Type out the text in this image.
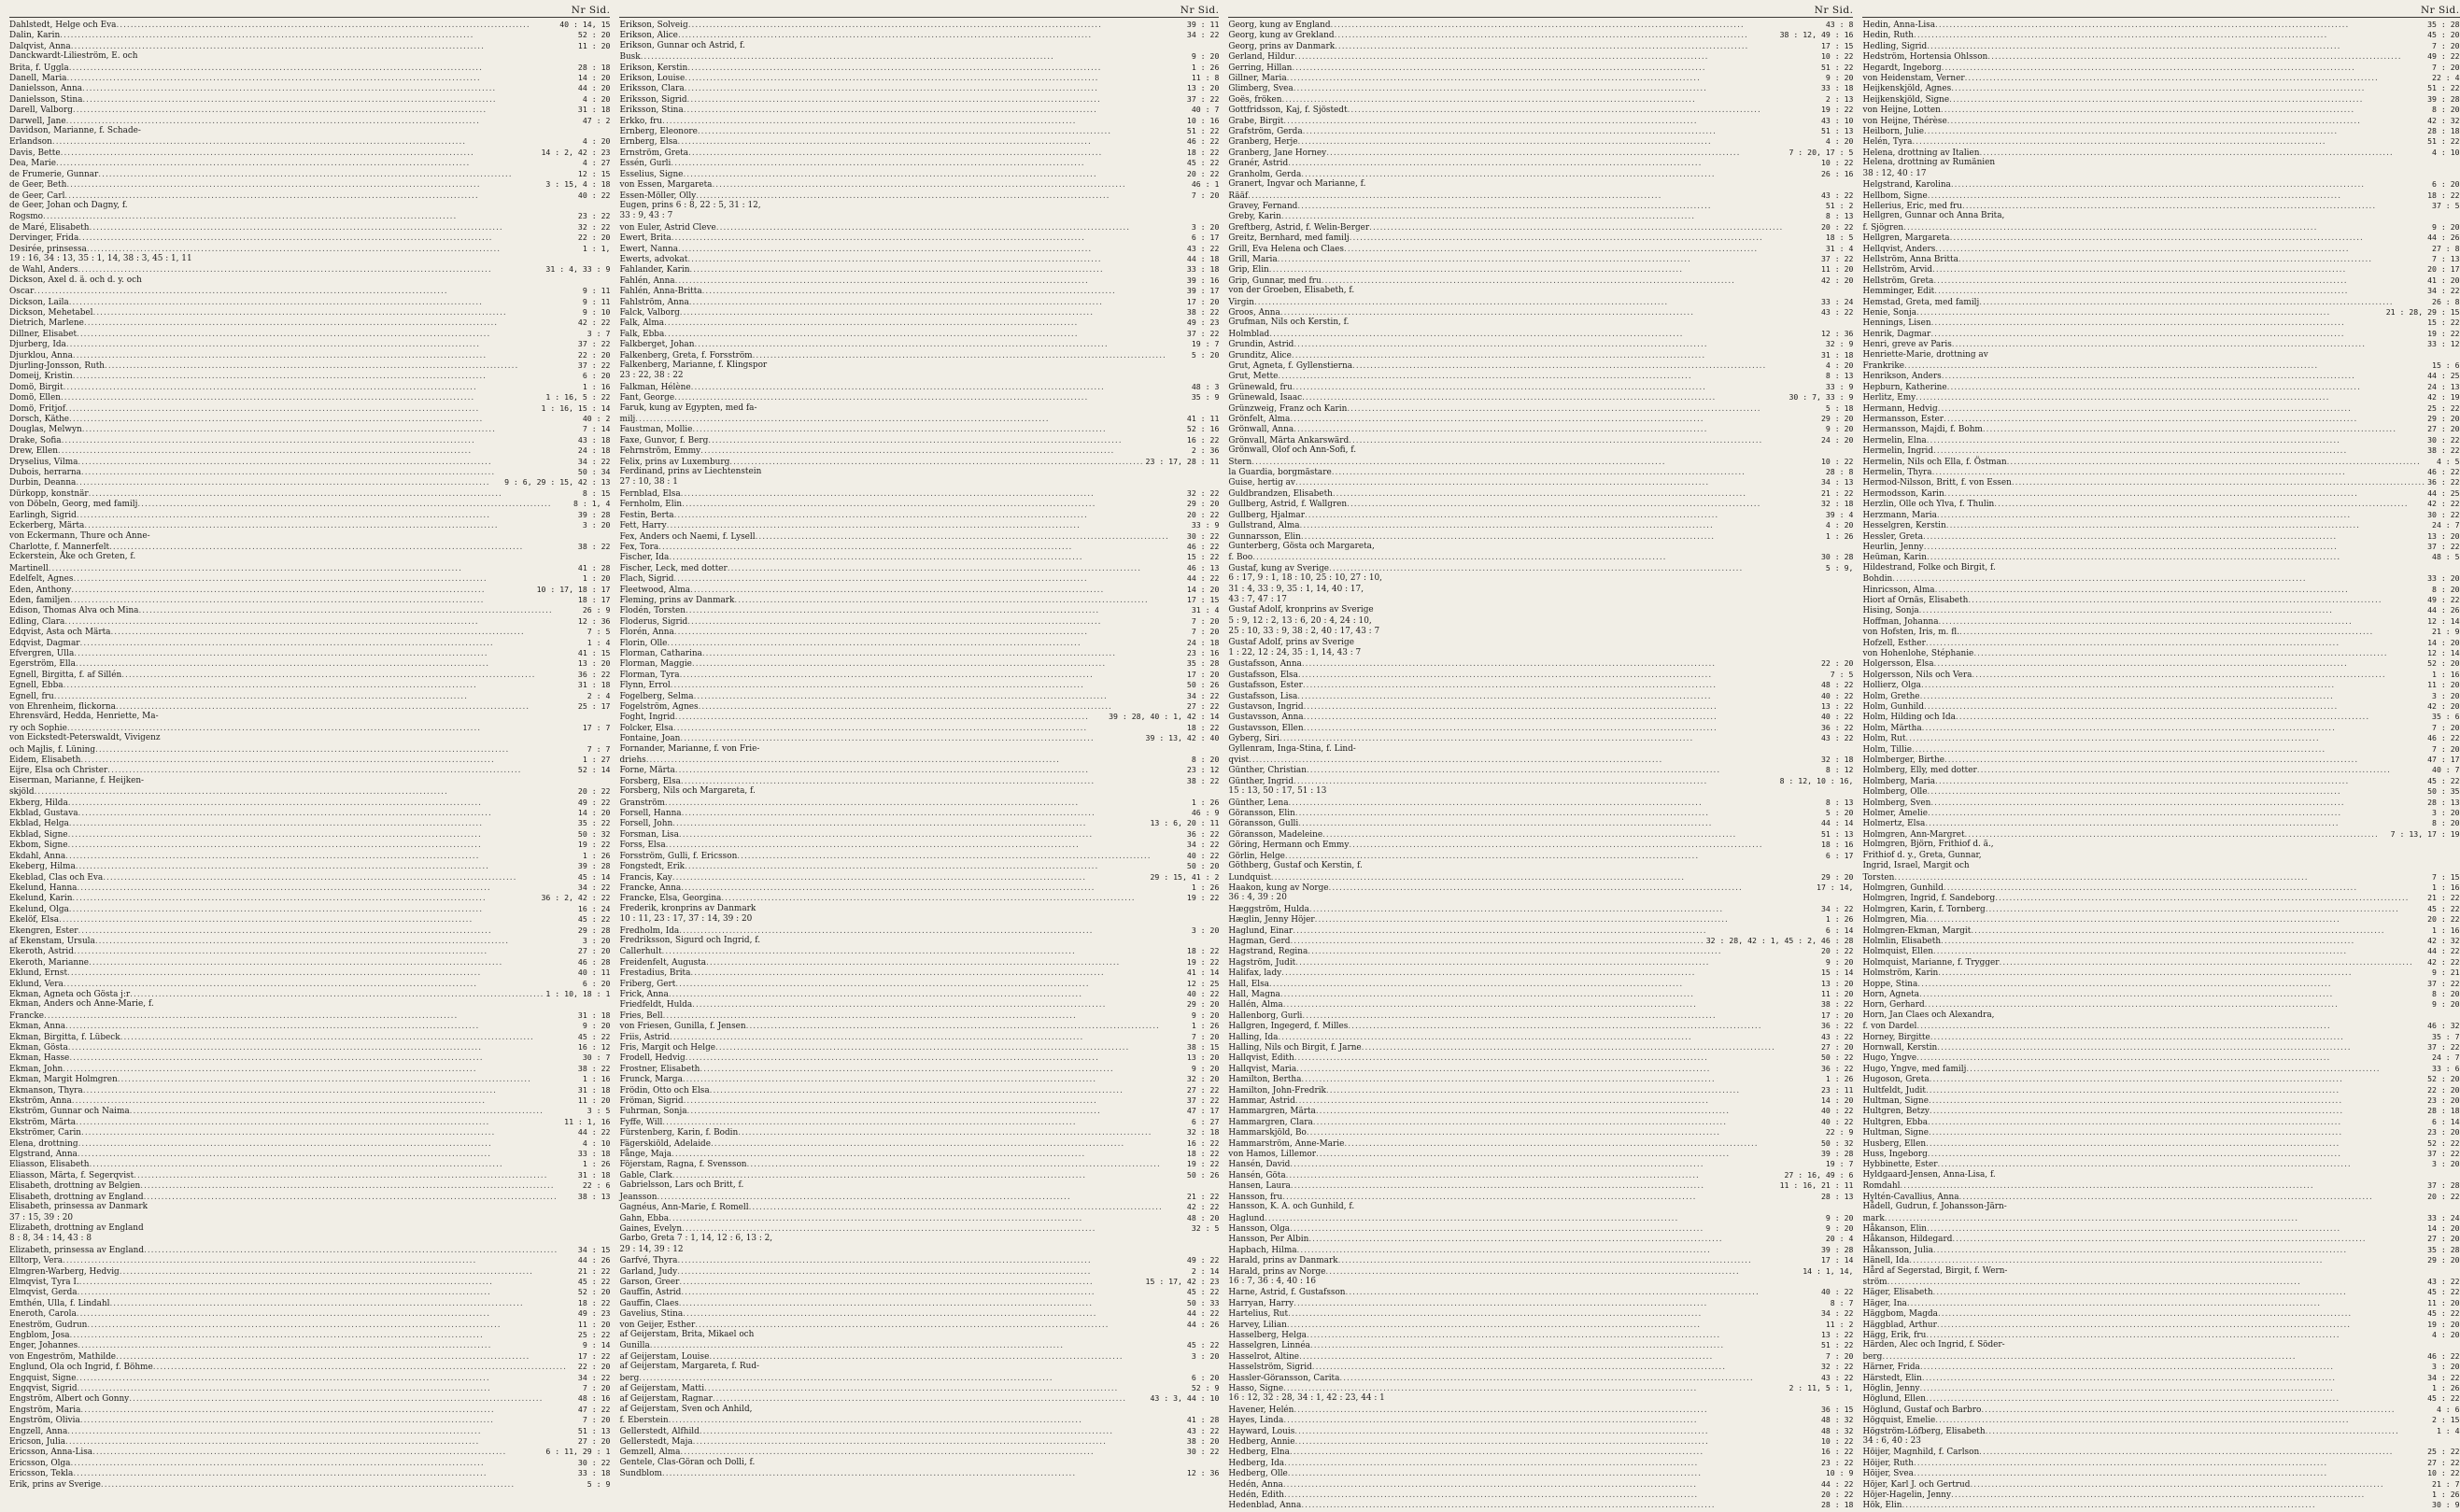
Nr Sid.
Dahlstedt, Helge och Eva .....	40 : 14, 15
Dalin, Karin .....	52 : 20
Dalqvist, Anna .....	11 : 20
Danckwardt-Lilieström, E. och
Brita, f. Uggla .....	28 : 18
Danell, Maria .....	14 : 20
Danielsson, Anna .....	44 : 20
Danielsson, Stina .....	4 : 20
Darell, Valborg .....	31 : 18
Darwell, Jane .....	47 : 2
Davidson, Marianne, f. Schade-
Erlandson .....	4 : 20
Davis, Bette .....	14 : 2, 42 : 23
Dea, Marie .....	4 : 27
de Frumerie, Gunnar .....	12 : 15
de Geer, Beth .....	3 : 15, 4 : 18
de Geer, Carl .....	40 : 22
de Geer, Johan och Dagny, f.
Rogsmo .....	23 : 22
de Maré, Elisabeth .....	32 : 22
Dervinger, Frida .....	22 : 20
Desirée, prinsessa .....	1 : 1,
19 : 16, 34 : 13, 35 : 1, 14, 38 : 3, 45 : 1, 11
de Wahl, Anders .....	31 : 4, 33 : 9
Dickson, Axel d. ä. och d. y. och
Oscar .....	9 : 11
Dickson, Laila .....	9 : 11
Dickson, Mehetabel .....	9 : 10
Dietrich, Marlene .....	42 : 22
Dillner, Elisabet .....	3 : 7
Djurberg, Ida .....	37 : 22
Djurklou, Anna .....	22 : 20
Djurling-Jonsson, Ruth .....	37 : 22
Domeij, Kristin .....	6 : 20
Domö, Birgit .....	1 : 16
Domö, Ellen .....	1 : 16, 5 : 22
Domö, Fritjof .....	1 : 16, 15 : 14
Dorsch, Käthe .....	40 : 2
Douglas, Melwyn .....	7 : 14
Drake, Sofia .....	43 : 18
Drew, Ellen .....	24 : 18
Dryselius, Vilma .....	34 : 22
Dubois, herrarna .....	50 : 34
Durbin, Deanna .....	9 : 6, 29 : 15, 42 : 13
Dürkopp, konstnär .....	8 : 15
von Döbeln, Georg, med familj .....	8 : 1, 4
Earlingh, Sigrid .....	39 : 28
Eckerberg, Märta .....	3 : 20
von Eckermann, Thure och Anne-
Charlotte, f. Mannerfelt .....	38 : 22
Eckerstein, Åke och Greten, f.
Martinell .....	41 : 28
Edelfelt, Agnes .....	1 : 20
Eden, Anthony .....	10 : 17, 18 : 17
Eden, familjen .....	18 : 17
Edison, Thomas Alva och Mina .....	26 : 9
Edling, Clara .....	12 : 36
Edqvist, Asta och Märta .....	7 : 5
Edqvist, Dagmar .....	1 : 4
Efvergren, Ulla .....	41 : 15
Egerström, Ella .....	13 : 20
Egnell, Birgitta, f. af Sillén .....	36 : 22
Egnell, Ebba .....	31 : 18
Egnell, fru .....	2 : 4
von Ehrenheim, flickorna .....	25 : 17
Ehrensvärd, Hedda, Henriette, Ma-
ry och Sophie .....	17 : 7
von Eickstedt-Peterswaldt, Vivigenz
och Majlis, f. Lüning .....	7 : 7
Eidem, Elisabeth .....	1 : 27
Eijre, Elsa och Christer .....	52 : 14
Eiserman, Marianne, f. Heijken-
skjöld .....	20 : 22
Ekberg, Hilda .....	49 : 22
Ekblad, Gustava .....	14 : 20
Ekblad, Helga .....	35 : 22
Ekblad, Signe .....	50 : 32
Ekbom, Signe .....	19 : 22
Ekdahl, Anna .....	1 : 26
Ekeberg, Hilma .....	39 : 28
Ekeblad, Clas och Eva .....	45 : 14
Ekelund, Hanna .....	34 : 22
Ekelund, Karin .....	36 : 2, 42 : 22
Ekelund, Olga .....	16 : 24
Ekelöf, Elsa .....	45 : 22
Ekengren, Ester .....	29 : 28
af Ekenstam, Ursula .....	3 : 20
Ekeroth, Astrid .....	27 : 20
Ekeroth, Marianne .....	46 : 28
Eklund, Ernst .....	40 : 11
Eklund, Vera .....	6 : 20
Ekman, Agneta och Gösta j:r .....	1 : 10, 18 : 1
Ekman, Anders och Anne-Marie, f.
Francke .....	31 : 18
Ekman, Anna .....	9 : 20
Ekman, Birgitta, f. Lübeck .....	45 : 22
Ekman, Gösta .....	16 : 12
Ekman, Hasse .....	30 : 7
Ekman, John .....	38 : 22
Ekman, Margit Holmgren .....	1 : 16
Ekmanson, Thyra .....	31 : 18
Ekström, Anna .....	11 : 20
Ekström, Gunnar och Naima .....	3 : 5
Ekström, Märta .....	11 : 1, 16
Ekströmer, Carin .....	44 : 22
Elena, drottning .....	4 : 10
Elgstrand, Anna .....	33 : 18
Eliasson, Elisabeth .....	1 : 26
Eliasson, Märta, f. Segerqvist .....	31 : 18
Elisabeth, drottning av Belgien .....	22 : 6
Elisabeth, drottning av England .....	38 : 13
Elisabeth, prinsessa av Danmark
37 : 15, 39 : 20
Elizabeth, drottning av England
8 : 8, 34 : 14, 43 : 8
Elizabeth, prinsessa av England .....	34 : 15
Elltorp, Vera .....	44 : 26
Elmgren-Warberg, Hedvig .....	21 : 22
Elmqvist, Tyra I. .....	45 : 22
Elmqvist, Gerda .....	52 : 20
Emthén, Ulla, f. Lindahl .....	18 : 22
Eneroth, Carola .....	49 : 23
Eneström, Gudrun .....	11 : 20
Engblom, Josa .....	25 : 22
Enger, Johannes .....	9 : 14
von Engeström, Mathilde .....	17 : 22
Englund, Ola och Ingrid, f. Böhme .....	22 : 20
Engquist, Signe .....	34 : 22
Engqvist, Sigrid .....	7 : 20
Engström, Albert och Gonny .....	48 : 16
Engström, Maria .....	47 : 22
Engström, Olivia .....	7 : 20
Engzell, Anna .....	51 : 13
Ericson, Julia .....	27 : 20
Ericsson, Anna-Lisa .....	6 : 11, 29 : 1
Ericsson, Olga .....	30 : 22
Ericsson, Tekla .....	33 : 18
Erik, prins av Sverige .....	5 : 9
Nr Sid.
Erikson, Solveig .....	39 : 11
Erikson, Alice .....	34 : 22
Erikson, Gunnar och Astrid, f.
Busk .....	9 : 20
Erikson, Kerstin .....	1 : 26
Erikson, Louise .....	11 : 8
Eriksson, Clara .....	13 : 20
Eriksson, Sigrid .....	37 : 22
Eriksson, Stina .....	40 : 7
Erkko, fru .....	10 : 16
Ernberg, Eleonore .....	51 : 22
Ernberg, Elsa .....	46 : 22
Ernström, Greta .....	18 : 22
Essén, Gurli .....	45 : 22
Esselius, Signe .....	20 : 22
von Essen, Margareta .....	46 : 1
Essen-Möller, Olly .....	7 : 20
Eugen, prins 6 : 8, 22 : 5, 31 : 12,
33 : 9, 43 : 7
von Euler, Astrid Cleve .....	3 : 20
Ewert, Brita .....	6 : 17
Ewert, Nanna .....	43 : 22
Ewerts, advokat .....	44 : 18
Fahlander, Karin .....	33 : 18
Fahlén, Anna .....	39 : 16
Fahlén, Anna-Britta .....	39 : 17
Fahlström, Anna .....	17 : 20
Falck, Valborg .....	38 : 22
Falk, Alma .....	49 : 23
Falk, Ebba .....	37 : 22
Falkberget, Johan .....	19 : 7
Falkenberg, Greta, f. Forsström .....	5 : 20
Falkenberg, Marianne, f. Klingspor
23 : 22, 38 : 22
Falkman, Hélène .....	48 : 3
Fant, George .....	35 : 9
Faruk, kung av Egypten, med fa-
milj .....	41 : 11
Faustman, Mollie .....	52 : 16
Faxe, Gunvor, f. Berg .....	16 : 22
Fehrnström, Emmy .....	2 : 36
Felix, prins av Luxemburg .....	23 : 17, 28 : 11
Ferdinand, prins av Liechtenstein
27 : 10, 38 : 1
Fernblad, Elsa .....	32 : 22
Fernholm, Elin .....	29 : 20
Festin, Berta .....	20 : 22
Fett, Harry .....	33 : 9
Fex, Anders och Naemi, f. Lysell .....	30 : 22
Fex, Tora .....	46 : 22
Fischer, Ida .....	15 : 22
Fischer, Leck, med dotter .....	46 : 13
Flach, Sigrid .....	44 : 22
Fleetwood, Alma .....	14 : 20
Fleming, prins av Danmark .....	17 : 15
Flodén, Torsten .....	31 : 4
Floderus, Sigrid .....	7 : 20
Florén, Anna .....	7 : 20
Florin, Olle .....	24 : 18
Florman, Catharina .....	23 : 16
Florman, Maggie .....	35 : 28
Florman, Tyra .....	17 : 20
Flynn, Errol .....	50 : 26
Fogelberg, Selma .....	34 : 22
Fogelström, Agnes .....	27 : 22
Foght, Ingrid .....	39 : 28, 40 : 1, 42 : 14
Folcker, Elsa .....	18 : 22
Fontaine, Joan .....	39 : 13, 42 : 40
Fornander, Marianne, f. von Frie-
driehs .....	8 : 20
Forne, Märta .....	23 : 12
Forsberg, Elsa .....	38 : 22
Forsberg, Nils och Margareta, f.
Granström .....	1 : 26
Forsell, Hanna .....	46 : 9
Forsell, John .....	13 : 6, 20 : 11
Forsman, Lisa .....	36 : 22
Forss, Elsa .....	34 : 22
Forsström, Gulli, f. Ericsson .....	40 : 22
Fongstedt, Erik .....	50 : 20
Francis, Kay .....	29 : 15, 41 : 2
Francke, Anna .....	1 : 26
Francke, Elsa, Georgina .....	19 : 22
Frederik, kronprins av Danmark
10 : 11, 23 : 17, 37 : 14, 39 : 20
Fredholm, Ida .....	3 : 20
Fredriksson, Sigurd och Ingrid, f.
Callerhult .....	18 : 22
Freidenfelt, Augusta .....	19 : 22
Frestadius, Brita .....	41 : 14
Friberg, Gert .....	12 : 25
Frick, Anna .....	40 : 22
Friedfeldt, Hulda .....	29 : 20
Fries, Bell .....	9 : 20
von Friesen, Gunilla, f. Jensen .....	1 : 26
Friis, Astrid .....	7 : 20
Fris, Margit och Helge .....	38 : 15
Frodell, Hedvig .....	13 : 20
Frostner, Elisabeth .....	9 : 20
Frunck, Marga .....	32 : 20
Frödin, Otto och Elsa .....	27 : 22
Fröman, Sigrid .....	37 : 22
Fuhrman, Sonja .....	47 : 17
Fyffe, Will .....	6 : 27
Fürstenberg, Karin, f. Bodin .....	32 : 18
Fägerskiöld, Adelaide .....	16 : 22
Fånge, Maja .....	18 : 22
Föjerstam, Ragna, f. Svensson .....	19 : 22
Gable, Clark .....	50 : 26
Gabrielsson, Lars och Britt, f.
Jeansson .....	21 : 22
Gagnéus, Ann-Marie, f. Romell .....	42 : 22
Gahn, Ebba .....	48 : 20
Gaines, Evelyn .....	32 : 5
Garbo, Greta 7 : 1, 14, 12 : 6, 13 : 2,
29 : 14, 39 : 12
Garfvé, Thyra .....	49 : 22
Garland, Judy .....	2 : 14
Garson, Greer .....	15 : 17, 42 : 23
Gauffin, Astrid .....	45 : 22
Gauffin, Claes .....	50 : 33
Gavelius, Stina .....	44 : 22
von Geijer, Esther .....	44 : 26
af Geijerstam, Brita, Mikael och
Gunilla .....	45 : 22
af Geijerstam, Louise .....	3 : 20
af Geijerstam, Margareta, f. Rud-
berg .....	6 : 20
af Geijerstam, Matti .....	52 : 9
af Geijerstam, Ragnar .....	43 : 3, 44 : 10
af Geijerstam, Sven och Anhild,
f. Eberstein .....	41 : 28
Gellerstedt, Alfhild .....	43 : 22
Gellerstedt, Maja .....	38 : 20
Gemzell, Alma .....	30 : 22
Gentele, Clas-Göran och Dolli, f.
Sundblom .....	12 : 36
Nr Sid.
Georg, kung av England .....	43 : 8
Georg, kung av Grekland .....	38 : 12, 49 : 16
Georg, prins av Danmark .....	17 : 15
Gerland, Hildur .....	10 : 22
Gerring, Hillan .....	51 : 22
Gillner, Maria .....	9 : 20
Glimberg, Svea .....	33 : 18
Goës, fröken .....	2 : 13
Gottfridsson, Kaj, f. Sjöstedt .....	19 : 22
Grabe, Birgit .....	43 : 10
Grafström, Gerda .....	51 : 13
Granberg, Herje .....	4 : 20
Granberg, Jane Horney .....	7 : 20, 17 : 5
Granér, Astrid .....	10 : 22
Granholm, Gerda .....	26 : 16
Granert, Ingvar och Marianne, f.
Rääf .....	43 : 22
Gravey, Fernand .....	51 : 2
Greby, Karin .....	8 : 13
Greftberg, Astrid, f. Welin-Berger .....	20 : 22
Greitz, Bernhard, med familj .....	18 : 5
Grill, Eva Helena och Claes .....	31 : 4
Grill, Maria .....	37 : 22
Grip, Elin .....	11 : 20
Grip, Gunnar, med fru .....	42 : 20
von der Groeben, Elisabeth, f.
Virgin .....	33 : 24
Groos, Anna .....	43 : 22
Grufman, Nils och Kerstin, f.
Holmblad .....	12 : 36
Grundin, Astrid .....	32 : 9
Grunditz, Alice .....	31 : 18
Grut, Agneta, f. Gyllenstierna .....	4 : 20
Grut, Mette .....	8 : 13
Grünewald, fru .....	33 : 9
Grünewald, Isaac .....	30 : 7, 33 : 9
Grünzweig, Franz och Karin .....	5 : 18
Grönfelt, Alma .....	29 : 20
Grönwall, Anna .....	9 : 20
Grönvall, Märta Ankarswärd .....	24 : 20
Grönwall, Olof och Ann-Sofi, f.
Stern .....	10 : 22
la Guardia, borgmästare .....	28 : 8
Guise, hertig av .....	34 : 13
Guldbrandzen, Elisabeth .....	21 : 22
Gullberg, Astrid, f. Wallgren .....	32 : 18
Gullberg, Hjalmar .....	39 : 4
Gullstrand, Alma .....	4 : 20
Gunnarsson, Elin .....	1 : 26
Gunterberg, Gösta och Margareta,
f. Boo .....	30 : 28
Gustaf, kung av Sverige .....	5 : 9,
6 : 17, 9 : 1, 18 : 10, 25 : 10, 27 : 10,
31 : 4, 33 : 9, 35 : 1, 14, 40 : 17,
43 : 7, 47 : 17
Gustaf Adolf, kronprins av Sverige
5 : 9, 12 : 2, 13 : 6, 20 : 4, 24 : 10,
25 : 10, 33 : 9, 38 : 2, 40 : 17, 43 : 7
Gustaf Adolf, prins av Sverige
1 : 22, 12 : 24, 35 : 1, 14, 43 : 7
Gustafsson, Anna .....	22 : 20
Gustafsson, Elsa .....	7 : 5
Gustafsson, Ester .....	48 : 22
Gustafsson, Lisa .....	40 : 22
Gustavson, Ingrid .....	13 : 22
Gustavsson, Anna .....	40 : 22
Gustavsson, Ellen .....	36 : 22
Gyberg, Siri .....	43 : 22
Gyllenram, Inga-Stina, f. Lind-
qvist .....	32 : 18
Günther, Christian .....	8 : 12
Günther, Ingrid .....	8 : 12, 10 : 16,
15 : 13, 50 : 17, 51 : 13
Günther, Lena .....	8 : 13
Göransson, Elin .....	5 : 20
Göransson, Gulli .....	44 : 14
Göransson, Madeleine .....	51 : 13
Göring, Hermann och Emmy .....	18 : 16
Görlin, Helge .....	6 : 17
Göthberg, Gustaf och Kerstin, f.
Lundquist .....	29 : 20
Haakon, kung av Norge .....	17 : 14,
36 : 4, 39 : 20
Hæggström, Hulda .....	34 : 22
Hæglin, Jenny Höjer .....	1 : 26
Haglund, Einar .....	6 : 14
Hagman, Gerd .....	32 : 28, 42 : 1, 45 : 2, 46 : 28
Hagstrand, Regina .....	20 : 22
Hagström, Judit .....	9 : 20
Halifax, lady .....	15 : 14
Hall, Elsa .....	13 : 20
Hall, Magna .....	11 : 20
Hallén, Alma .....	38 : 22
Hallenborg, Gurli .....	17 : 20
Hallgren, Ingegerd, f. Milles .....	36 : 22
Halling, Ida .....	43 : 22
Halling, Nils och Birgit, f. Jarne .....	27 : 20
Hallqvist, Edith .....	50 : 22
Hallqvist, Maria .....	36 : 22
Hamilton, Bertha .....	1 : 26
Hamilton, John-Fredrik .....	23 : 11
Hammar, Astrid .....	14 : 20
Hammargren, Märta .....	40 : 22
Hammargren, Clara .....	40 : 22
Hammarskjöld, Bo .....	22 : 9
Hammarström, Anne-Marie .....	50 : 32
von Hamos, Lillemor .....	39 : 28
Hansén, David .....	19 : 7
Hansén, Göta .....	27 : 16, 49 : 6
Hansen, Laura .....	11 : 16, 21 : 11
Hansson, fru .....	28 : 13
Hansson, K. A. och Gunhild, f.
Haglund .....	9 : 20
Hansson, Olga .....	9 : 20
Hansson, Per Albin .....	20 : 4
Hapbach, Hilma .....	39 : 28
Harald, prins av Danmark .....	17 : 14
Harald, prins av Norge .....	14 : 1, 14,
16 : 7, 36 : 4, 40 : 16
Harne, Astrid, f. Gustafsson .....	40 : 22
Harryan, Harry .....	8 : 7
Hartelius, Rut .....	34 : 22
Harvey, Lilian .....	11 : 2
Hasselberg, Helga .....	13 : 22
Hasselgren, Linnéa .....	51 : 22
Hasselrot, Altine .....	7 : 20
Hasselström, Sigrid .....	32 : 22
Hassler-Göransson, Carita .....	43 : 22
Hasso, Signe .....	2 : 11, 5 : 1,
16 : 12, 32 : 28, 34 : 1, 42 : 23, 44 : 1
Havener, Helén .....	36 : 15
Hayes, Linda .....	48 : 32
Hayward, Louis .....	48 : 32
Hedberg, Annie .....	10 : 22
Hedberg, Elna .....	16 : 22
Hedberg, Ida .....	23 : 22
Hedberg, Olle .....	10 : 9
Hedén, Anna .....	44 : 22
Hedén, Edith .....	20 : 22
Hedenblad, Anna .....	28 : 18
Nr Sid.
Hedin, Anna-Lisa .....	35 : 28
Hedin, Ruth .....	45 : 20
Hedling, Sigrid .....	7 : 20
Hedström, Hortensia Ohlsson .....	49 : 22
Hegardt, Ingeborg .....	7 : 20
von Heidenstam, Verner .....	22 : 4
Heijkenskjöld, Agnes .....	51 : 22
Heijkenskjöld, Signe .....	39 : 28
von Heijne, Lotten .....	8 : 20
von Heijne, Thérèse .....	42 : 32
Heilborn, Julie .....	28 : 18
Helén, Tyra .....	51 : 22
Helena, drottning av Italien .....	4 : 10
Helena, drottning av Rumänien
38 : 12, 40 : 17
Helgstrand, Karolina .....	6 : 20
Hellbom, Signe .....	18 : 22
Hellerius, Eric, med fru .....	37 : 5
Hellgren, Gunnar och Anna Brita,
f. Sjögren .....	9 : 20
Hellgren, Margareta .....	44 : 26
Hellqvist, Anders .....	27 : 8
Hellström, Anna Britta .....	7 : 13
Hellström, Arvid .....	20 : 17
Hellström, Greta .....	41 : 20
Hemminger, Edit .....	34 : 22
Hemstad, Greta, med familj .....	26 : 8
Henie, Sonja .....	21 : 28, 29 : 15
Hennings, Lisen .....	15 : 22
Henrik, Dagmar .....	19 : 22
Henri, greve av Paris .....	33 : 12
Henriette-Marie, drottning av
Frankrike .....	15 : 6
Henrikson, Anders .....	44 : 25
Hepburn, Katherine .....	24 : 13
Herlitz, Emy .....	42 : 19
Hermann, Hedvig .....	25 : 22
Hermansson, Ester .....	29 : 20
Hermansson, Majdi, f. Bohm .....	27 : 20
Hermelin, Elna .....	30 : 22
Hermelin, Ingrid .....	38 : 22
Hermelin, Nils och Ella, f. Östman .....	4 : 5
Hermelin, Thyra .....	46 : 22
Hermod-Nilsson, Britt, f. von Essen .....	36 : 22
Hermodsson, Karin .....	44 : 25
Herzlin, Olle och Ylva, f. Thulin .....	42 : 22
Herzmann, Maria .....	30 : 22
Hesselgren, Kerstin .....	24 : 7
Hessler, Greta .....	13 : 20
Heurlin, Jenny .....	37 : 22
Heüman, Karin .....	48 : 5
Hildestrand, Folke och Birgit, f.
Bohdin .....	33 : 20
Hinricsson, Alma .....	8 : 20
Hiort af Ornäs, Elisabeth .....	49 : 22
Hising, Sonja .....	44 : 26
Hoffman, Johanna .....	12 : 14
von Hofsten, Iris, m. fl. .....	21 : 9
Hofzell, Esther .....	14 : 20
von Hohenlohe, Stéphanie .....	12 : 14
Holgersson, Elsa .....	52 : 20
Holgersson, Nils och Vera .....	1 : 16
Hollierz, Olga .....	11 : 20
Holm, Grethe .....	3 : 20
Holm, Gunhild .....	42 : 20
Holm, Hilding och Ida .....	35 : 6
Holm, Märtha .....	7 : 20
Holm, Rut .....	46 : 22
Holm, Tillie .....	7 : 20
Holmberger, Birthe .....	47 : 17
Holmberg, Elly, med dotter .....	40 : 7
Holmberg, Maria .....	45 : 22
Holmberg, Olle .....	50 : 35
Holmberg, Sven .....	28 : 13
Holmer, Amelie .....	3 : 20
Holmertz, Elsa .....	8 : 20
Holmgren, Ann-Margret .....	7 : 13, 17 : 19
Holmgren, Björn, Frithiof d. ä.,
Frithiof d. y., Greta, Gunnar,
Ingrid, Israel, Margit och
Torsten .....	7 : 15
Holmgren, Gunhild .....	1 : 16
Holmgren, Ingrid, f. Sandeborg .....	21 : 22
Holmgren, Karin, f. Tornberg .....	45 : 22
Holmgren, Mia .....	20 : 22
Holmgren-Ekman, Margit .....	1 : 16
Holmlin, Elisabeth .....	42 : 32
Holmquist, Ellen .....	44 : 22
Holmquist, Marianne, f. Trygger .....	42 : 22
Holmström, Karin .....	9 : 21
Hoppe, Stina .....	37 : 22
Horn, Agneta .....	8 : 20
Horn, Gerhard .....	9 : 20
Horn, Jan Claes och Alexandra,
f. von Dardel .....	46 : 32
Horney, Birgitte .....	35 : 7
Hornwall, Kerstin .....	37 : 22
Hugo, Yngve .....	24 : 7
Hugo, Yngve, med familj .....	33 : 6
Hugoson, Greta .....	52 : 20
Hultfeldt, Judit .....	22 : 20
Hultman, Signe .....	23 : 20
Hultgren, Betzy .....	28 : 18
Hultgren, Ebba .....	6 : 14
Hultman, Signe .....	23 : 20
Husberg, Ellen .....	52 : 22
Huss, Ingeborg .....	37 : 22
Hybbinette, Ester .....	3 : 20
Hyldgaard-Jensen, Anna-Lisa, f.
Romdahl .....	37 : 28
Hyltén-Cavallius, Anna .....	20 : 22
Hådell, Gudrun, f. Johansson-Järn-
mark .....	33 : 24
Håkanson, Elin .....	14 : 20
Håkanson, Hildegard .....	27 : 20
Håkansson, Julia .....	35 : 28
Hänell, Ida .....	29 : 20
Hård af Segerstad, Birgit, f. Wern-
ström .....	43 : 22
Häger, Elisabeth .....	45 : 22
Häger, Ina .....	11 : 20
Häggbom, Magda .....	45 : 22
Häggblad, Arthur .....	19 : 20
Hägg, Erik, fru .....	4 : 20
Härden, Alec och Ingrid, f. Söder-
berg .....	46 : 22
Härner, Frida .....	3 : 20
Härstedt, Elin .....	34 : 22
Höglin, Jenny .....	1 : 26
Höglund, Ellen .....	45 : 22
Höglund, Gustaf och Barbro .....	4 : 6
Högquist, Emelie .....	2 : 15
Högström-Löfberg, Elisabeth .....	1 : 4
34 : 6, 40 : 23
Höijer, Magnhild, f. Carlson .....	25 : 22
Höijer, Ruth .....	27 : 22
Höijer, Svea .....	10 : 22
Höjer, Karl J. och Gertrud .....	21 : 7
Höjer-Hagelin, Jenny .....	1 : 26
Hök, Elin .....	30 : 9
